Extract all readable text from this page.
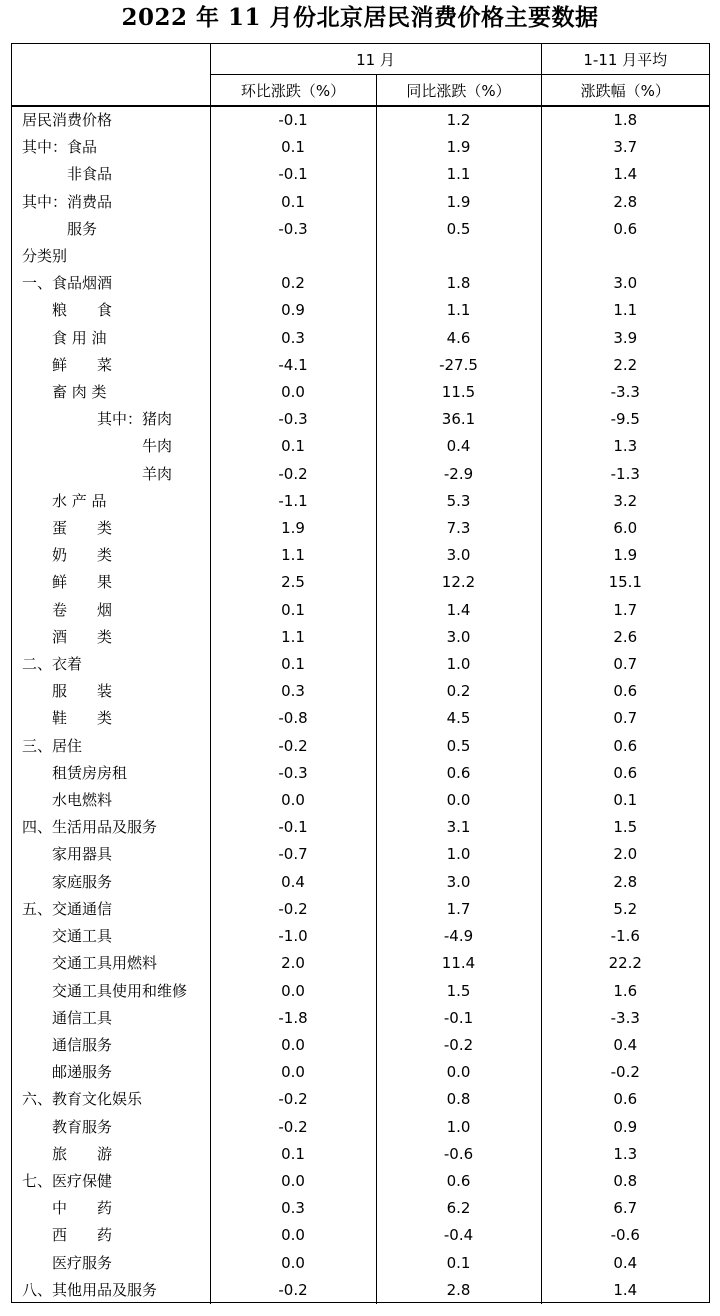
2022 年 11 月份北京居民消费价格主要数据
	11 月		1-11 月平均
	环比涨跌（%）	同比涨跌（%）	涨跌幅（%）
居民消费价格	-0.1	1.2	1.8
其中：食品	0.1	1.9	3.7
非食品	-0.1	1.1	1.4
其中：消费品	0.1	1.9	2.8
服务	-0.3	0.5	0.6
分类别			
一、食品烟酒	0.2	1.8	3.0
粮　　食	0.9	1.1	1.1
食 用 油	0.3	4.6	3.9
鲜　　菜	-4.1	-27.5	2.2
畜 肉 类	0.0	11.5	-3.3
其中：猪肉	-0.3	36.1	-9.5
牛肉	0.1	0.4	1.3
羊肉	-0.2	-2.9	-1.3
水 产 品	-1.1	5.3	3.2
蛋　　类	1.9	7.3	6.0
奶　　类	1.1	3.0	1.9
鲜　　果	2.5	12.2	15.1
卷　　烟	0.1	1.4	1.7
酒　　类	1.1	3.0	2.6
二、衣着	0.1	1.0	0.7
服　　装	0.3	0.2	0.6
鞋　　类	-0.8	4.5	0.7
三、居住	-0.2	0.5	0.6
租赁房房租	-0.3	0.6	0.6
水电燃料	0.0	0.0	0.1
四、生活用品及服务	-0.1	3.1	1.5
家用器具	-0.7	1.0	2.0
家庭服务	0.4	3.0	2.8
五、交通通信	-0.2	1.7	5.2
交通工具	-1.0	-4.9	-1.6
交通工具用燃料	2.0	11.4	22.2
交通工具使用和维修	0.0	1.5	1.6
通信工具	-1.8	-0.1	-3.3
通信服务	0.0	-0.2	0.4
邮递服务	0.0	0.0	-0.2
六、教育文化娱乐	-0.2	0.8	0.6
教育服务	-0.2	1.0	0.9
旅　　游	0.1	-0.6	1.3
七、医疗保健	0.0	0.6	0.8
中　　药	0.3	6.2	6.7
西　　药	0.0	-0.4	-0.6
医疗服务	0.0	0.1	0.4
八、其他用品及服务	-0.2	2.8	1.4
